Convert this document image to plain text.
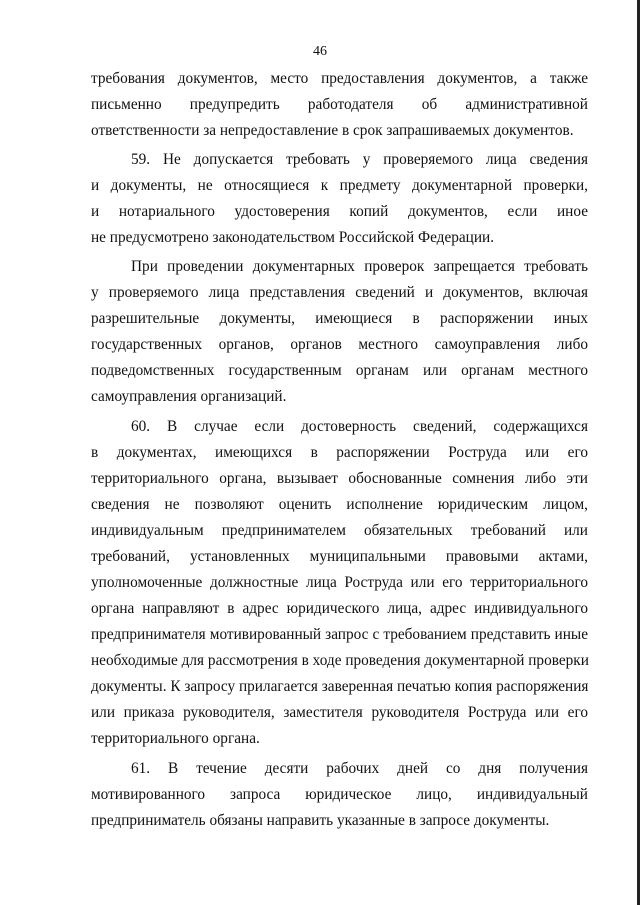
46
требования документов, место предоставления документов, а также
письменно предупредить работодателя об административной
ответственности за непредоставление в срок запрашиваемых документов.
59. Не допускается требовать у проверяемого лица сведения
и документы, не относящиеся к предмету документарной проверки,
и нотариального удостоверения копий документов, если иное
не предусмотрено законодательством Российской Федерации.
При проведении документарных проверок запрещается требовать
у проверяемого лица представления сведений и документов, включая
разрешительные документы, имеющиеся в распоряжении иных
государственных органов, органов местного самоуправления либо
подведомственных государственным органам или органам местного
самоуправления организаций.
60. В случае если достоверность сведений, содержащихся
в документах, имеющихся в распоряжении Роструда или его
территориального органа, вызывает обоснованные сомнения либо эти
сведения не позволяют оценить исполнение юридическим лицом,
индивидуальным предпринимателем обязательных требований или
требований, установленных муниципальными правовыми актами,
уполномоченные должностные лица Роструда или его территориального
органа направляют в адрес юридического лица, адрес индивидуального
предпринимателя мотивированный запрос с требованием представить иные
необходимые для рассмотрения в ходе проведения документарной проверки
документы. К запросу прилагается заверенная печатью копия распоряжения
или приказа руководителя, заместителя руководителя Роструда или его
территориального органа.
61. В течение десяти рабочих дней со дня получения
мотивированного запроса юридическое лицо, индивидуальный
предприниматель обязаны направить указанные в запросе документы.
